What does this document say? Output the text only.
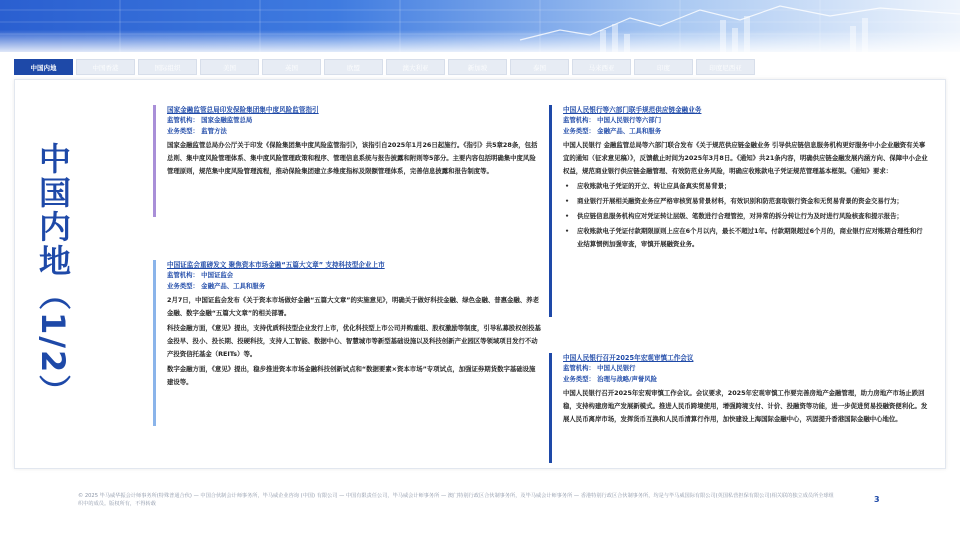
中国内地	中国香港	国际组织	美国	英国	欧盟	澳大利亚	新加坡	泰国	马来西亚	印度	印度尼西亚
中国内地（1/2）
国家金融监管总局印发保险集团集中度风险监管指引
监管机构： 国家金融监管总局
业务类型： 监管方法
国家金融监管总局办公厅关于印发《保险集团集中度风险监管指引》，该指引自2025年1月26日起施行。《指引》共5章28条，包括总则、集中度风险管理体系、集中度风险管理政策和程序、管理信息系统与报告披露和附则等5部分。主要内容包括明确集中度风险管理原则，规范集中度风险管理流程，推动保险集团建立多维度指标及限额管理体系，完善信息披露和报告制度等。
中国证监会重磅发文 聚焦资本市场金融“五篇大文章” 支持科技型企业上市
监管机构： 中国证监会
业务类型： 金融产品、工具和服务
2月7日，中国证监会发布《关于资本市场做好金融“五篇大文章”的实施意见》，明确关于做好科技金融、绿色金融、普惠金融、养老金融、数字金融“五篇大文章”的相关部署。
科技金融方面，《意见》提出，支持优质科技型企业发行上市，优化科技型上市公司并购重组、股权激励等制度，引导私募股权创投基金投早、投小、投长期、投硬科技，支持人工智能、数据中心、智慧城市等新型基础设施以及科技创新产业园区等领域项目发行不动产投资信托基金（REITs）等。
数字金融方面，《意见》提出，稳步推进资本市场金融科技创新试点和“数据要素×资本市场”专项试点，加强证券期货数字基础设施建设等。
中国人民银行等六部门联手规范供应链金融业务
监管机构： 中国人民银行等六部门
业务类型： 金融产品、工具和服务
中国人民银行 金融监管总局等六部门联合发布《关于规范供应链金融业务 引导供应链信息服务机构更好服务中小企业融资有关事宜的通知（征求意见稿）》，反馈截止时间为2025年3月8日。《通知》共21条内容，明确供应链金融发展内涵方向、保障中小企业权益，规范商业银行供应链金融管理、有效防范业务风险，明确应收账款电子凭证规范管理基本框架。《通知》要求：
• 应收账款电子凭证的开立、转让应具备真实贸易背景；
• 商业银行开展相关融资业务应严格审核贸易背景材料，有效识别和防范套取银行资金和无贸易背景的资金交易行为；
• 供应链信息服务机构应对凭证转让层级、笔数进行合理管控，对异常的拆分转让行为及时进行风险核查和提示报告；
• 应收账款电子凭证付款期限原则上应在6个月以内，最长不超过1年。付款期限超过6个月的，商业银行应对账期合理性和行业结算惯例加强审查，审慎开展融资业务。
中国人民银行召开2025年宏观审慎工作会议
监管机构： 中国人民银行
业务类型： 治理与战略/声誉风险
中国人民银行召开2025年宏观审慎工作会议。会议要求，2025年宏观审慎工作要完善房地产金融管理，助力房地产市场止跌回稳，支持构建房地产发展新模式。推进人民币跨境使用，增强跨境支付、计价、投融资等功能，进一步促进贸易投融资便利化。发展人民币离岸市场，发挥货币互换和人民币清算行作用，加快建设上海国际金融中心，巩固提升香港国际金融中心地位。
© 2025 毕马威华振会计师事务所(特殊普通合伙) — 中国合伙制会计师事务所，毕马威企业咨询 (中国) 有限公司 — 中国有限责任公司，毕马威会计师事务所 — 澳门特别行政区合伙制事务所，及毕马威会计师事务所 — 香港特别行政区合伙制事务所，均是与毕马威国际有限公司(英国私营担保有限公司)相关联的独立成员所全球组织中的成员。版权所有，不得转载	3
